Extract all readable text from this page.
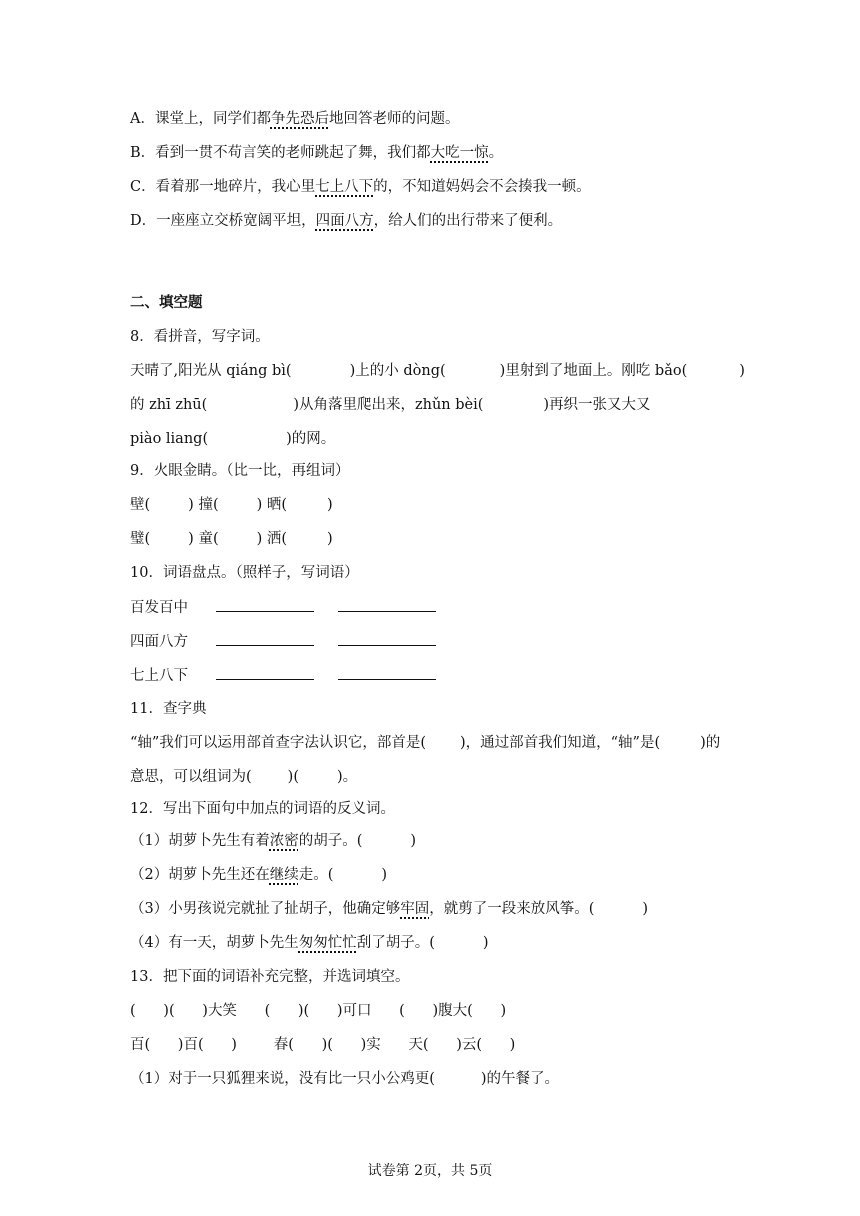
A．课堂上，同学们都争先恐后地回答老师的问题。
B．看到一贯不苟言笑的老师跳起了舞，我们都大吃一惊。
C．看着那一地碎片，我心里七上八下的，不知道妈妈会不会揍我一顿。
D．一座座立交桥宽阔平坦，四面八方，给人们的出行带来了便利。
二、填空题
8．看拼音，写字词。
天晴了,阳光从 qiáng bì(	)上的小 dòng(	)里射到了地面上。刚吃 bǎo(	)
的 zhī zhū(	)从角落里爬出来，zhǔn bèi(	)再织一张又大又
piào liang(	)的网。
9．火眼金睛。（比一比，再组词）
壁(	) 撞(	) 晒(	)
璧(	) 童(	) 洒(	)
10．词语盘点。（照样子，写词语）
百发百中
四面八方
七上八下
11．查字典
“轴”我们可以运用部首查字法认识它，部首是( )，通过部首我们知道，“轴”是(	)的
意思，可以组词为( )(	)。
12．写出下面句中加点的词语的反义词。
（1）胡萝卜先生有着浓密的胡子。(	)
（2）胡萝卜先生还在继续走。(	)
（3）小男孩说完就扯了扯胡子，他确定够牢固，就剪了一段来放风筝。(	)
（4）有一天，胡萝卜先生匆匆忙忙刮了胡子。(	)
13．把下面的词语补充完整，并选词填空。
(      )(      )大笑      (      )(      )可口      (      )腹大(      )
百(      )百(      )        春(      )(      )实      天(      )云(      )
（1）对于一只狐狸来说，没有比一只小公鸡更(	)的午餐了。
试卷第 2页，共 5页
